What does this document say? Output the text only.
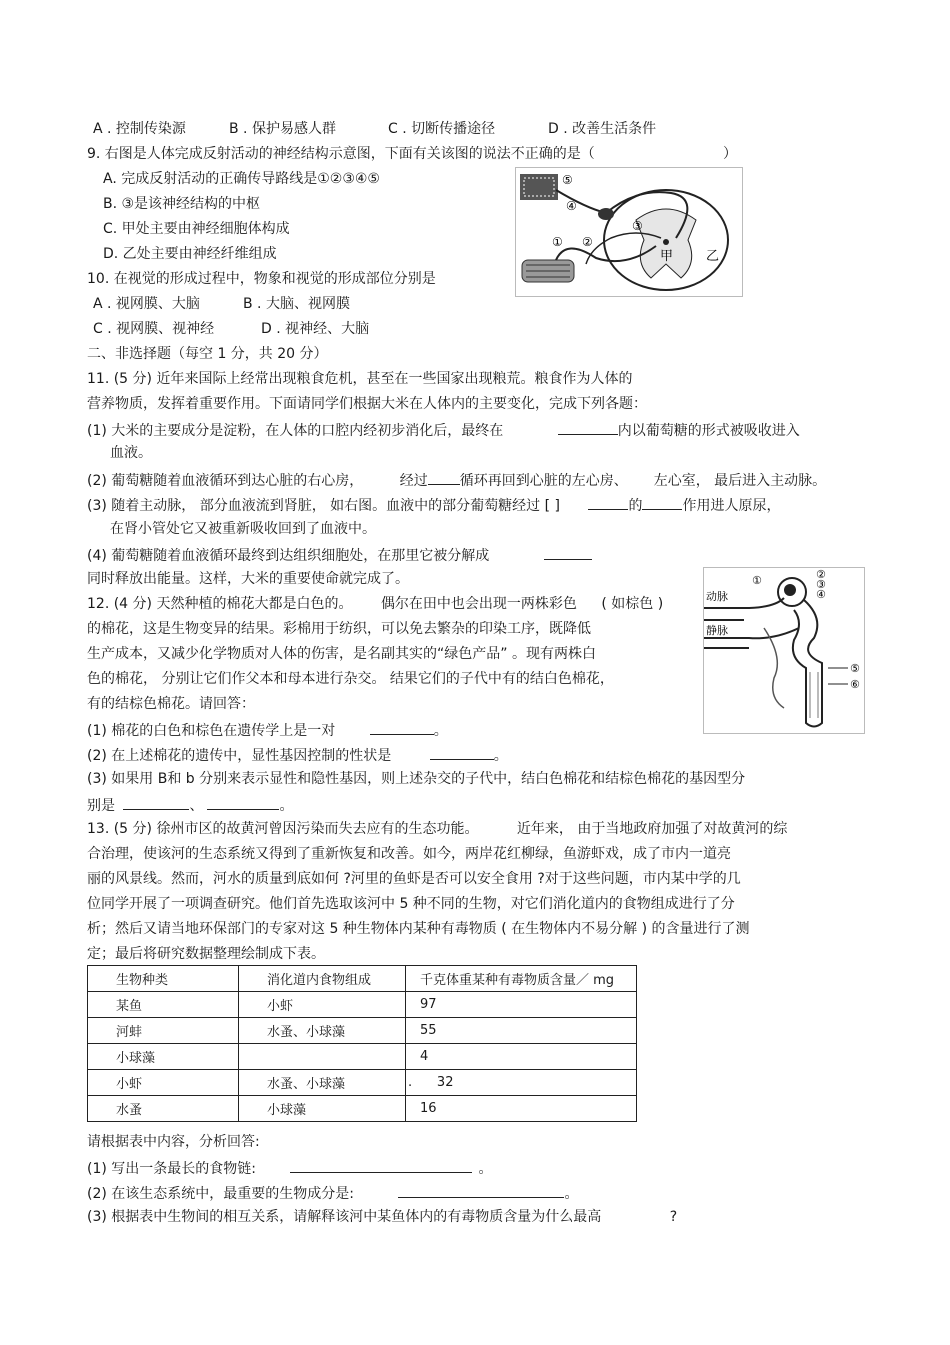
A . 控制传染源	B . 保护易感人群	C . 切断传播途径	D . 改善生活条件
9. 右图是人体完成反射活动的神经结构示意图，下面有关该图的说法不正确的是（	）
A. 完成反射活动的正确传导路线是①②③④⑤
B. ③是该神经结构的中枢
C. 甲处主要由神经细胞体构成
D. 乙处主要由神经纤维组成
⑤
④
① ②
③
甲	乙
10. 在视觉的形成过程中，物象和视觉的形成部位分别是
A . 视网膜、大脑	B . 大脑、视网膜
C . 视网膜、视神经	D . 视神经、大脑
二、非选择题（每空 1 分，共 20 分）
11. (5 分) 近年来国际上经常出现粮食危机，甚至在一些国家出现粮荒。粮食作为人体的
营养物质，发挥着重要作用。下面请同学们根据大米在人体内的主要变化，完成下列各题：
(1) 大米的主要成分是淀粉，在人体的口腔内经初步消化后，最终在	内以葡萄糖的形式被吸收进入
血液。
(2) 葡萄糖随着血液循环到达心脏的右心房，	经过 循环再回到心脏的左心房、 左心室， 最后进入主动脉。
(3) 随着主动脉， 部分血液流到肾脏， 如右图。血液中的部分葡萄糖经过 [ ]	的	作用进人原尿，
在肾小管处它又被重新吸收回到了血液中。
(4) 葡萄糖随着血液循环最终到达组织细胞处，在那里它被分解成
同时释放出能量。这样，大米的重要使命就完成了。
动脉
静脉
①	②
③
④
⑤
⑥
12. (4 分) 天然种植的棉花大都是白色的。 偶尔在田中也会出现一两株彩色 ( 如棕色 )
的棉花，这是生物变异的结果。彩棉用于纺织，可以免去繁杂的印染工序，既降低
生产成本，又减少化学物质对人体的伤害，是名副其实的“绿色产品” 。现有两株白
色的棉花， 分别让它们作父本和母本进行杂交。 结果它们的子代中有的结白色棉花，
有的结棕色棉花。请回答：
(1) 棉花的白色和棕色在遗传学上是一对	。
(2) 在上述棉花的遗传中，显性基因控制的性状是	。
(3) 如果用 B和 b 分别来表示显性和隐性基因，则上述杂交的子代中，结白色棉花和结棕色棉花的基因型分
别是	、	。
13. (5 分) 徐州市区的故黄河曾因污染而失去应有的生态功能。	近年来， 由于当地政府加强了对故黄河的综
合治理，使该河的生态系统又得到了重新恢复和改善。如今，两岸花红柳绿，鱼游虾戏，成了市内一道亮
丽的风景线。然而，河水的质量到底如何 ?河里的鱼虾是否可以安全食用 ?对于这些问题，市内某中学的几
位同学开展了一项调查研究。他们首先选取该河中 5 种不同的生物，对它们消化道内的食物组成进行了分
析；然后又请当地环保部门的专家对这 5 种生物体内某种有毒物质 ( 在生物体内不易分解 ) 的含量进行了测
定；最后将研究数据整理绘制成下表。
生物种类	消化道内食物组成	千克体重某种有毒物质含量／ mg
某鱼	小虾	97
河蚌	水蚤、小球藻	55
小球藻		4
小虾	水蚤、小球藻	.      32
水蚤	小球藻	16
请根据表中内容，分析回答:
(1) 写出一条最长的食物链:	。
(2) 在该生态系统中，最重要的生物成分是:	。
(3) 根据表中生物间的相互关系，请解释该河中某鱼体内的有毒物质含量为什么最高	?
